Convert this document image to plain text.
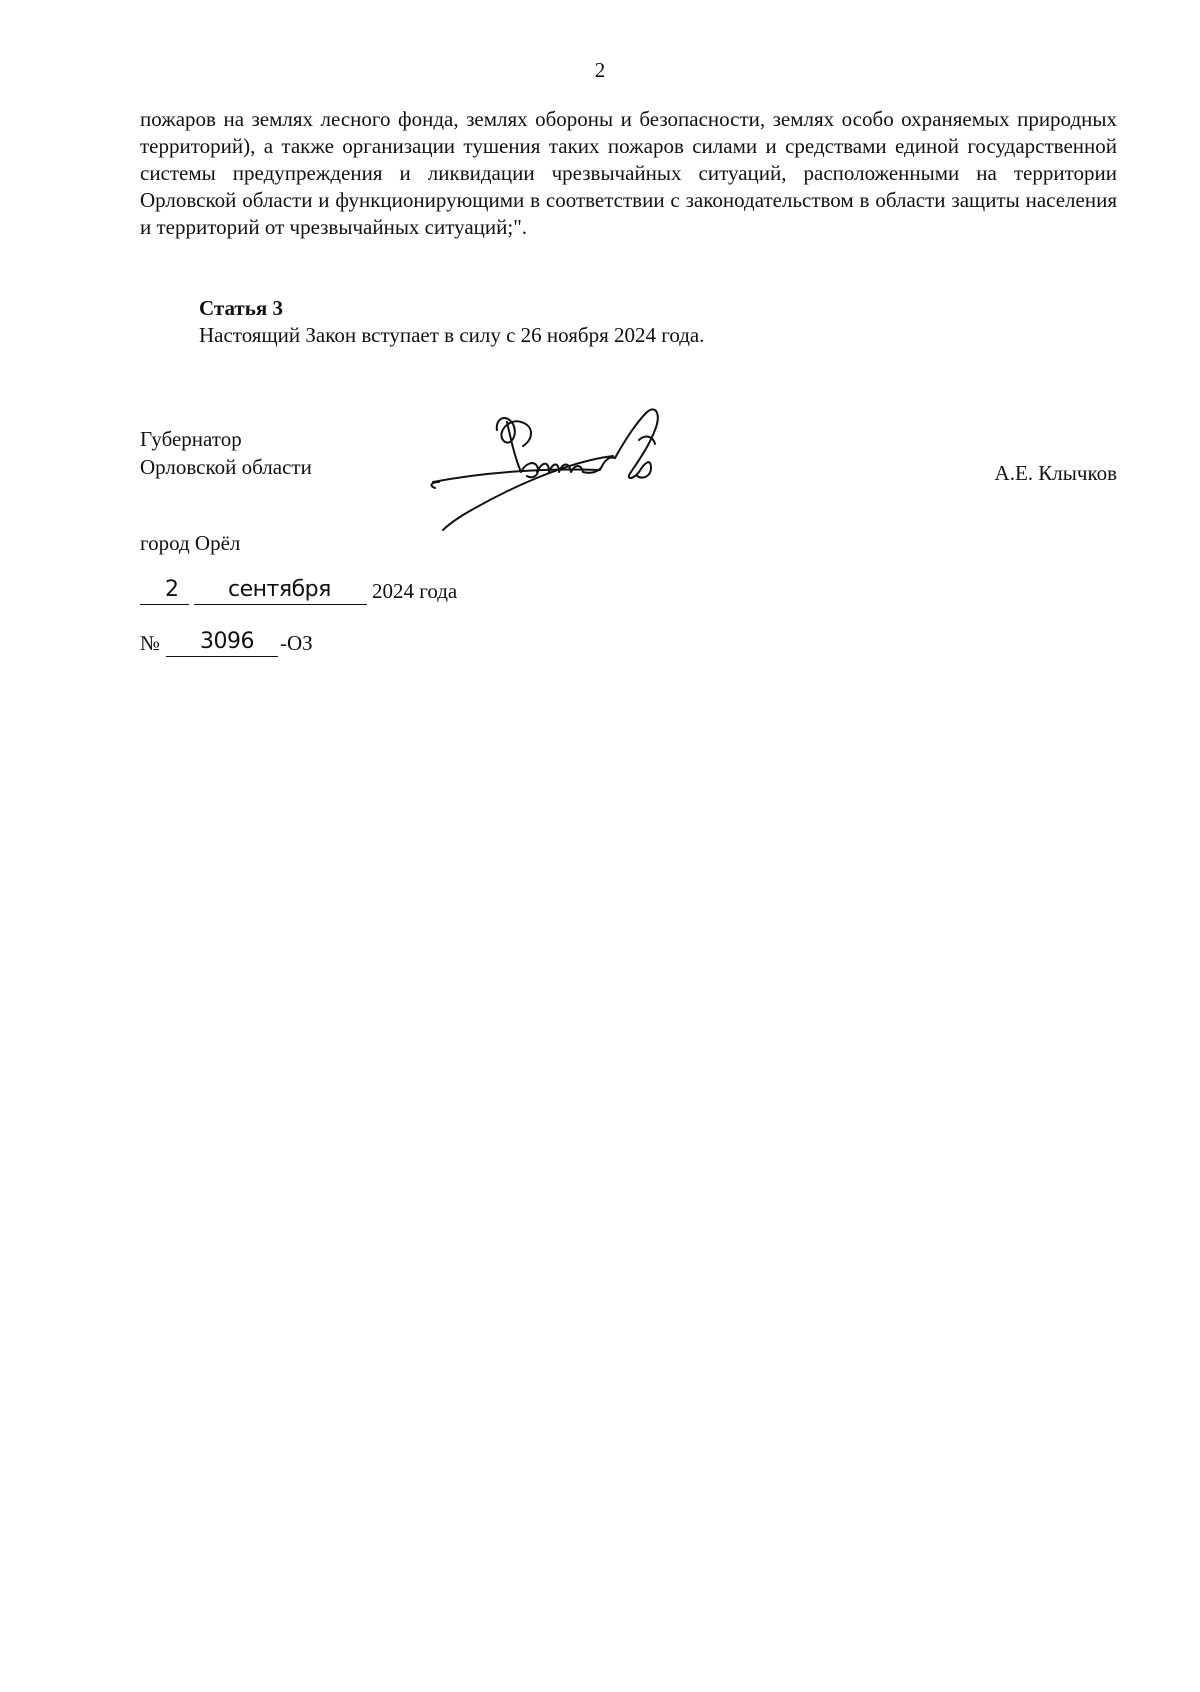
2

пожаров на землях лесного фонда, землях обороны и безопасности, землях особо охраняемых природных территорий), а также организации тушения таких пожаров силами и средствами единой государственной системы предупреждения и ликвидации чрезвычайных ситуаций, расположенными на территории Орловской области и функционирующими в соответствии с законодательством в области защиты населения и территорий от чрезвычайных ситуаций;".

Статья 3
Настоящий Закон вступает в силу с 26 ноября 2024 года.
Губернатор
Орловской области	А.Е. Клычков
город Орёл
2 сентября 2024 года
№ 3096 -ОЗ
